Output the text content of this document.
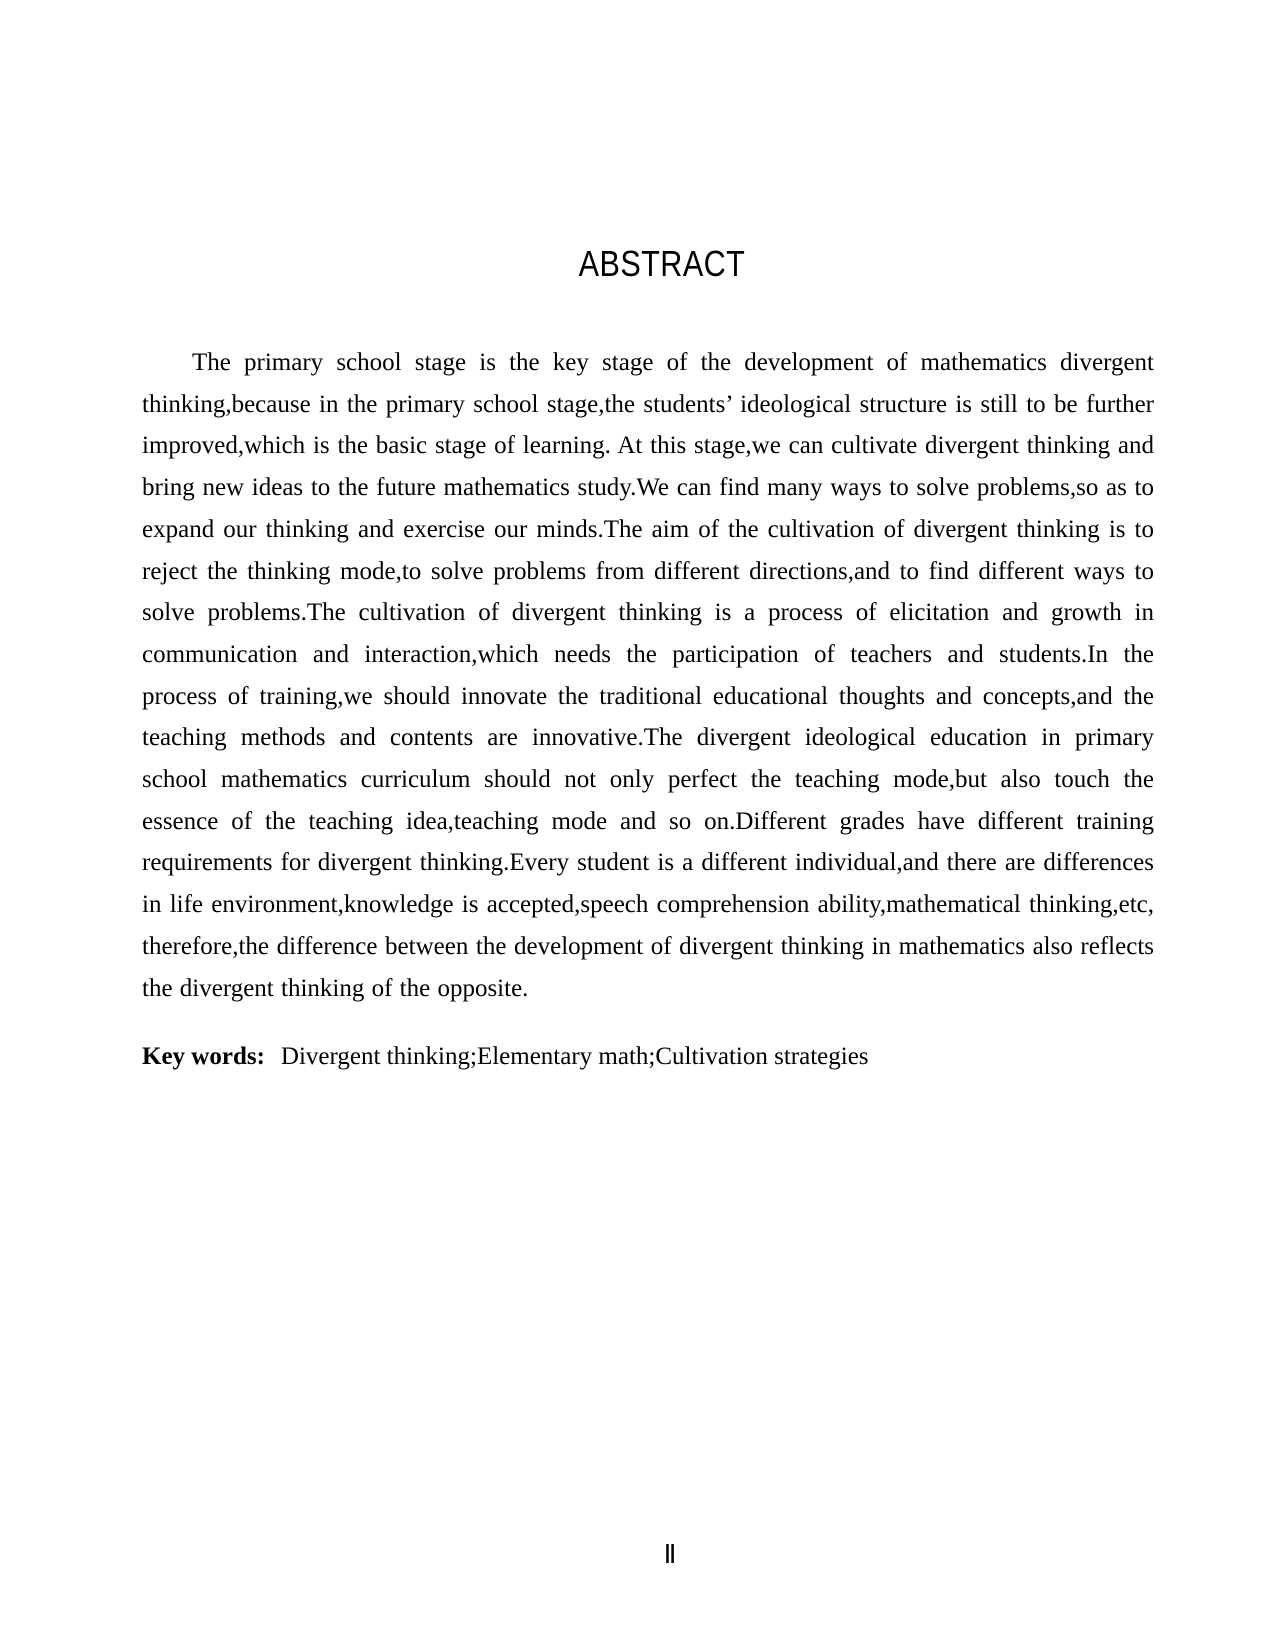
ABSTRACT

The primary school stage is the key stage of the development of mathematics divergent thinking,because in the primary school stage,the students’ ideological structure is still to be further improved,which is the basic stage of learning. At this stage,we can cultivate divergent thinking and bring new ideas to the future mathematics study.We can find many ways to solve problems,so as to expand our thinking and exercise our minds.The aim of the cultivation of divergent thinking is to reject the thinking mode,to solve problems from different directions,and to find different ways to solve problems.The cultivation of divergent thinking is a process of elicitation and growth in communication and interaction,which needs the participation of teachers and students.In the process of training,we should innovate the traditional educational thoughts and concepts,and the teaching methods and contents are innovative.The divergent ideological education in primary school mathematics curriculum should not only perfect the teaching mode,but also touch the essence of the teaching idea,teaching mode and so on.Different grades have different training requirements for divergent thinking.Every student is a different individual,and there are differences in life environment,knowledge is accepted,speech comprehension ability,mathematical thinking,etc, therefore,the difference between the development of divergent thinking in mathematics also reflects the divergent thinking of the opposite.

Key words: Divergent thinking;Elementary math;Cultivation strategies

Ⅱ
